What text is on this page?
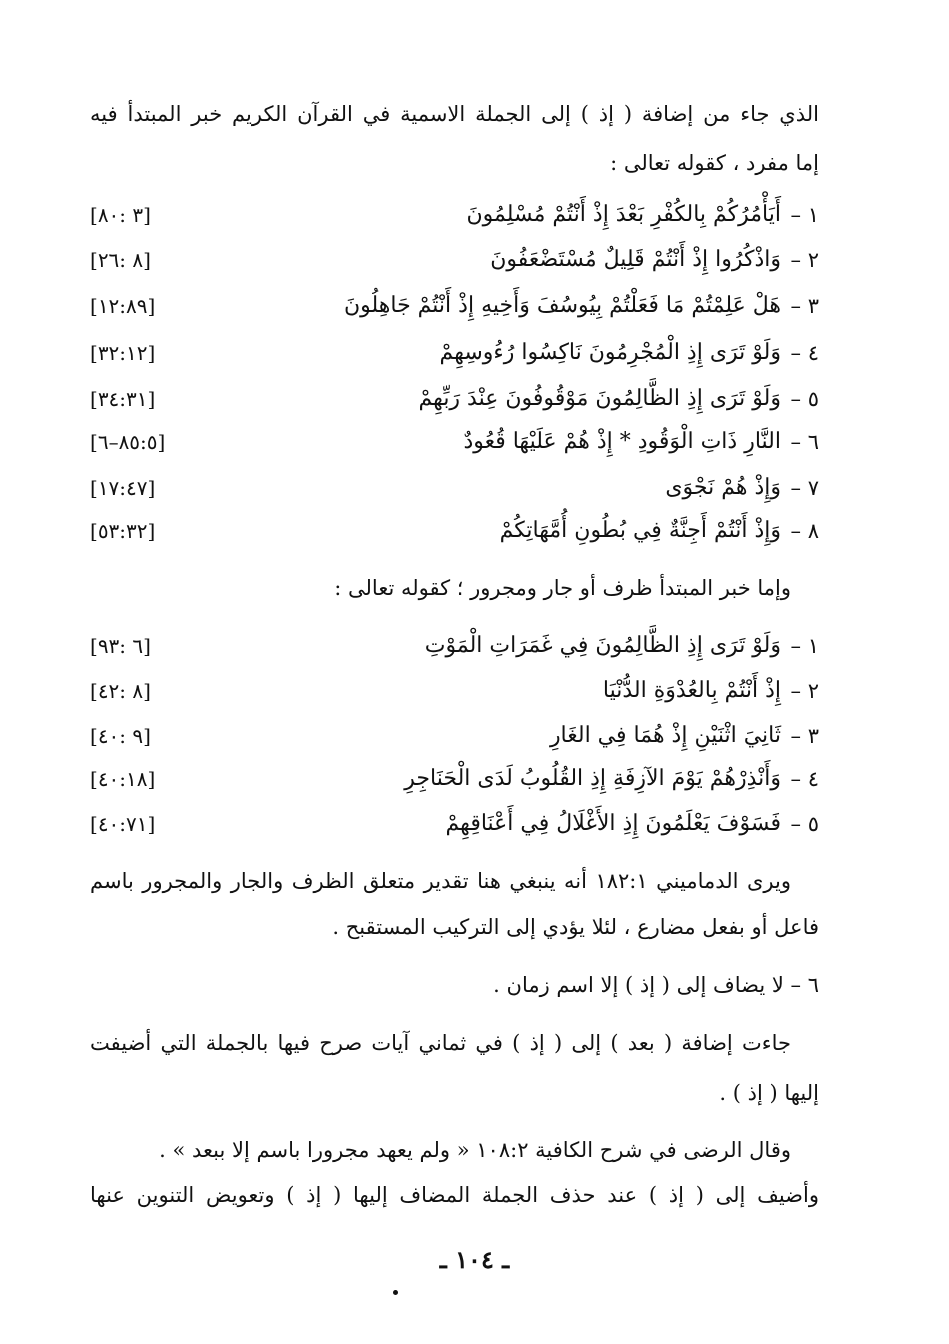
الذي جاء من إضافة ( إذ ) إلى الجملة الاسمية في القرآن الكريم خبر المبتدأ فيه
إما مفرد ، كقوله تعالى :
١ –
أَيَأْمُرُكُمْ بِالكُفْرِ بَعْدَ إِذْ أَنْتُمْ مُسْلِمُونَ
[٣ :٨٠]
٢ –
وَاذْكُرُوا إِذْ أَنْتُمْ قَلِيلٌ مُسْتَضْعَفُونَ
[٨ :٢٦]
٣ –
هَلْ عَلِمْتُمْ مَا فَعَلْتُمْ بِيُوسُفَ وَأَخِيهِ إِذْ أَنْتُمْ جَاهِلُونَ
[١٢:٨٩]
٤ –
وَلَوْ تَرَى إِذِ الْمُجْرِمُونَ نَاكِسُوا رُءُوسِهِمْ
[٣٢:١٢]
٥ –
وَلَوْ تَرَى إِذِ الظَّالِمُونَ مَوْقُوفُونَ عِنْدَ رَبِّهِمْ
[٣٤:٣١]
٦ –
النَّارِ ذَاتِ الْوَقُودِ * إِذْ هُمْ عَلَيْهَا قُعُودٌ
[٨٥:٥–٦]
٧ –
وَإِذْ هُمْ نَجْوَى
[١٧:٤٧]
٨ –
وَإِذْ أَنْتُمْ أَجِنَّةٌ فِي بُطُونِ أُمَّهَاتِكُمْ
[٥٣:٣٢]
وإما خبر المبتدأ ظرف أو جار ومجرور ؛ كقوله تعالى :
١ –
وَلَوْ تَرَى إِذِ الظَّالِمُونَ فِي غَمَرَاتِ الْمَوْتِ
[٦ :٩٣]
٢ –
إِذْ أَنْتُمْ بِالعُدْوَةِ الدُّنْيَا
[٨ :٤٢]
٣ –
ثَانِيَ اثْنَيْنِ إِذْ هُمَا فِي الغَارِ
[٩ :٤٠]
٤ –
وَأَنْذِرْهُمْ يَوْمَ الآزِفَةِ إِذِ القُلُوبُ لَدَى الْحَنَاجِرِ
[٤٠:١٨]
٥ –
فَسَوْفَ يَعْلَمُونَ إِذِ الأَغْلَالُ فِي أَعْنَاقِهِمْ
[٤٠:٧١]
ويرى الدماميني ١٨٢:١ أنه ينبغي هنا تقدير متعلق الظرف والجار والمجرور باسم
فاعل أو بفعل مضارع ، لئلا يؤدي إلى التركيب المستقبح .
٦ – لا يضاف إلى ( إذ ) إلا اسم زمان .
جاءت إضافة ( بعد ) إلى ( إذ ) في ثماني آيات صرح فيها بالجملة التي أضيفت
إليها ( إذ ) .
وقال الرضى في شرح الكافية ١٠٨:٢ « ولم يعهد مجرورا باسم إلا ببعد » .
وأضيف إلى ( إذ ) عند حذف الجملة المضاف إليها ( إذ ) وتعويض التنوين عنها
ـ ١٠٤ ـ
